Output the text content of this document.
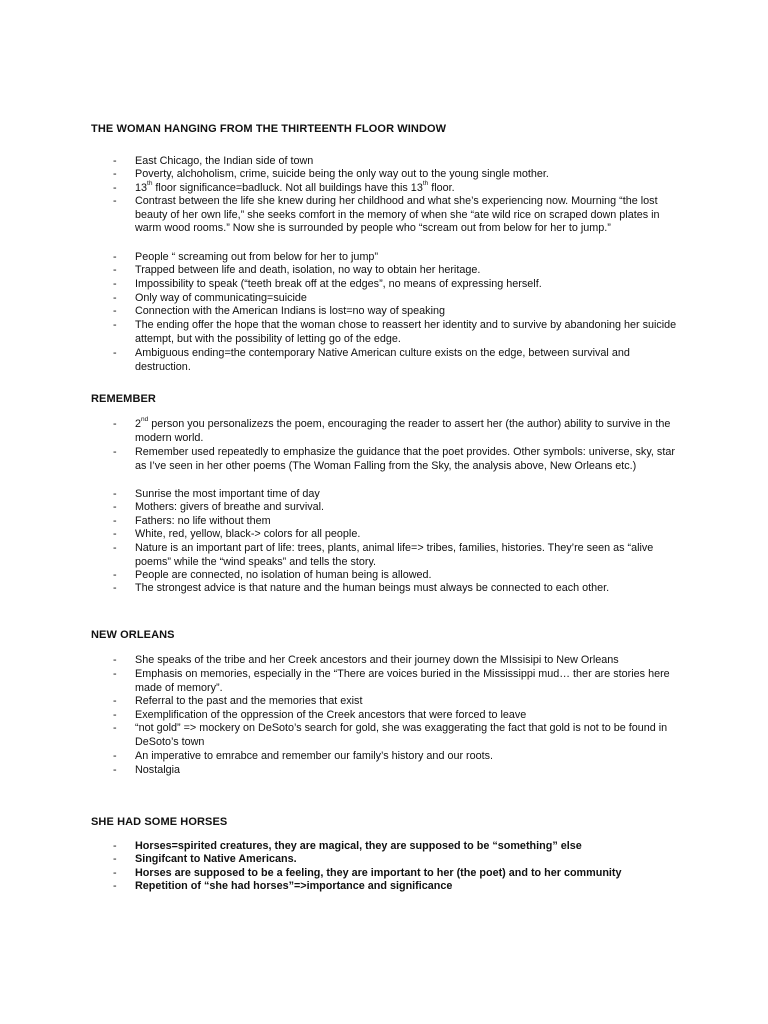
THE WOMAN HANGING FROM THE THIRTEENTH FLOOR WINDOW
- East Chicago, the Indian side of town
- Poverty, alchoholism, crime, suicide being the only way out to the young single mother.
- 13th floor significance=badluck. Not all buildings have this 13th floor.
- Contrast between the life she knew during her childhood and what she’s experiencing now. Mourning “the lost beauty of her own life,” she seeks comfort in the memory of when she “ate wild rice on scraped down plates in warm wood rooms.” Now she is surrounded by people who “scream out from below for her to jump.”
- People “ screaming out from below for her to jump”
- Trapped between life and death, isolation, no way to obtain her heritage.
- Impossibility to speak (“teeth break off at the edges”, no means of expressing herself.
- Only way of communicating=suicide
- Connection with the American Indians is lost=no way of speaking
- The ending offer the hope that the woman chose to reassert her identity and to survive by abandoning her suicide attempt, but with the possibility of letting go of the edge.
- Ambiguous ending=the contemporary Native American culture exists on the edge, between survival and destruction.
REMEMBER
- 2nd person you personalizezs the poem, encouraging the reader to assert her (the author) ability to survive in the modern world.
- Remember used repeatedly to emphasize the guidance that the poet provides. Other symbols: universe, sky, star as I’ve seen in her other poems (The Woman Falling from the Sky, the analysis above, New Orleans etc.)
- Sunrise the most important time of day
- Mothers: givers of breathe and survival.
- Fathers: no life without them
- White, red, yellow, black-> colors for all people.
- Nature is an important part of life: trees, plants, animal life=> tribes, families, histories. They’re seen as “alive poems” while the “wind speaks” and tells the story.
- People are connected, no isolation of human being is allowed.
- The strongest advice is that nature and the human beings must always be connected to each other.
NEW ORLEANS
- She speaks of the tribe and her Creek ancestors and their journey down the MIssisipi to New Orleans
- Emphasis on memories, especially in the “There are voices buried in the Mississippi mud… ther are stories here made of memory”.
- Referral to the past and the memories that exist
- Exemplification of the oppression of the Creek ancestors that were forced to leave
- “not gold” => mockery on DeSoto’s search for gold, she was exaggerating the fact that gold is not to be found in DeSoto’s town
- An imperative to emrabce and remember our family’s history and our roots.
- Nostalgia
SHE HAD SOME HORSES
- Horses=spirited creatures, they are magical, they are supposed to be “something” else
- Singifcant to Native Americans.
- Horses are supposed to be a feeling, they are important to her (the poet) and to her community
- Repetition of “she had horses”=>importance and significance
